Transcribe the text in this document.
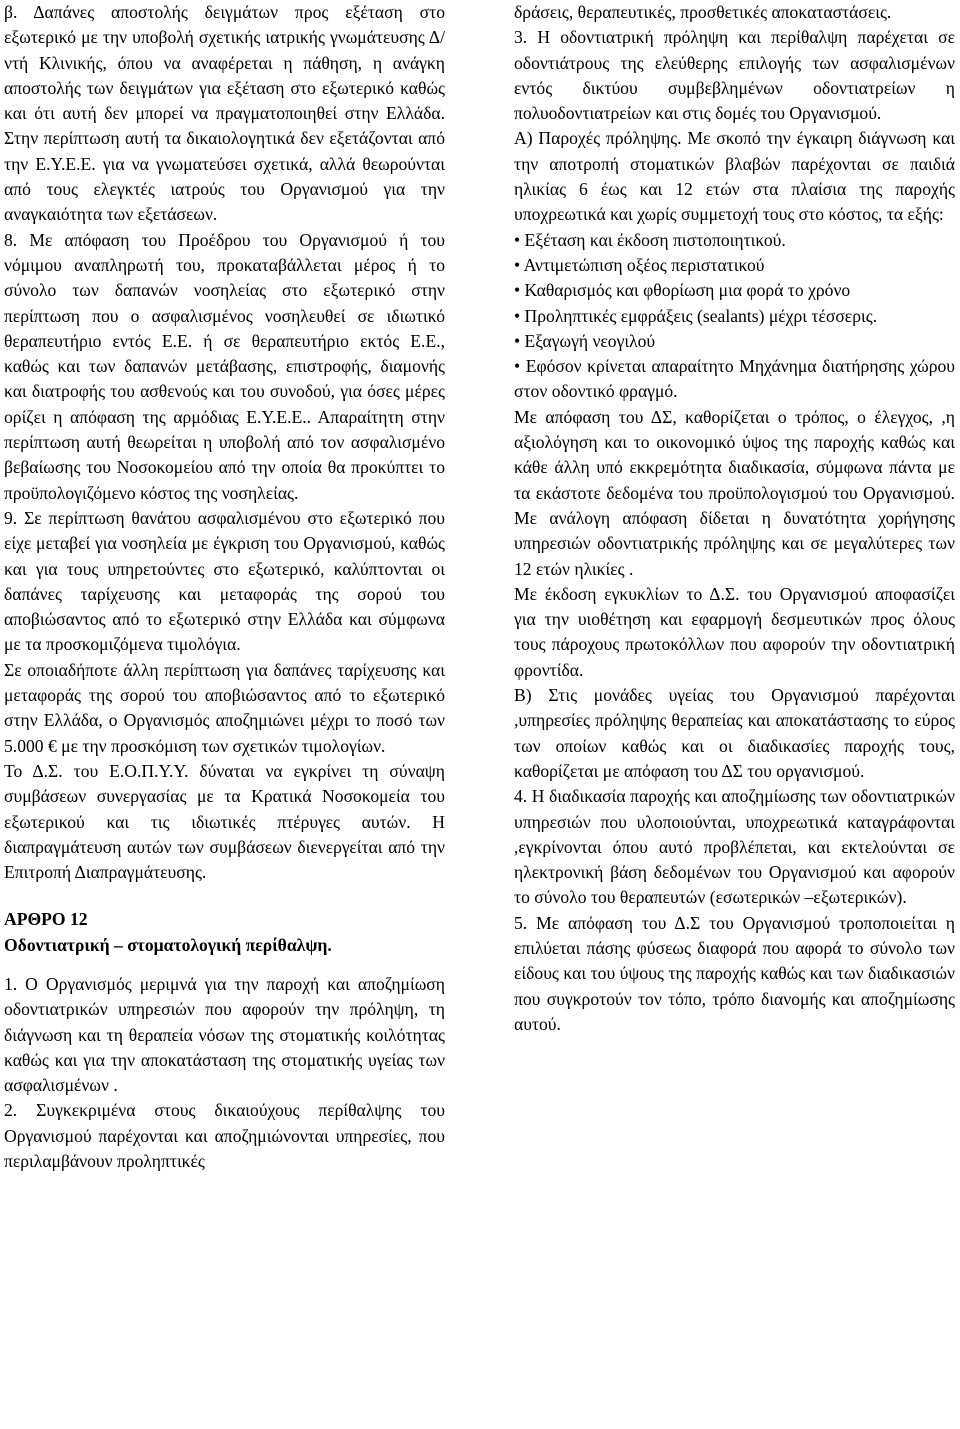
β. Δαπάνες αποστολής δειγμάτων προς εξέταση στο εξωτερικό με την υποβολή σχετικής ιατρικής γνωμάτευσης Δ/ντή Κλινικής, όπου να αναφέρεται η πάθηση, η ανάγκη αποστολής των δειγμάτων για εξέταση στο εξωτερικό καθώς και ότι αυτή δεν μπορεί να πραγματοποιηθεί στην Ελλάδα. Στην περίπτωση αυτή τα δικαιολογητικά δεν εξετάζονται από την Ε.Υ.Ε.Ε. για να γνωματεύσει σχετικά, αλλά θεωρούνται από τους ελεγκτές ιατρούς του Οργανισμού για την αναγκαιότητα των εξετάσεων.

8. Με απόφαση του Προέδρου του Οργανισμού ή του νόμιμου αναπληρωτή του, προκαταβάλλεται μέρος ή το σύνολο των δαπανών νοσηλείας στο εξωτερικό στην περίπτωση που ο ασφαλισμένος νοσηλευθεί σε ιδιωτικό θεραπευτήριο εντός Ε.Ε. ή σε θεραπευτήριο εκτός Ε.Ε., καθώς και των δαπανών μετάβασης, επιστροφής, διαμονής και διατροφής του ασθενούς και του συνοδού, για όσες μέρες ορίζει η απόφαση της αρμόδιας Ε.Υ.Ε.Ε.. Απαραίτητη στην περίπτωση αυτή θεωρείται η υποβολή από τον ασφαλισμένο βεβαίωσης του Νοσοκομείου από την οποία θα προκύπτει το προϋπολογιζόμενο κόστος της νοσηλείας.

9. Σε περίπτωση θανάτου ασφαλισμένου στο εξωτερικό που είχε μεταβεί για νοσηλεία με έγκριση του Οργανισμού, καθώς και για τους υπηρετούντες στο εξωτερικό, καλύπτονται οι δαπάνες ταρίχευσης και μεταφοράς της σορού του αποβιώσαντος από το εξωτερικό στην Ελλάδα και σύμφωνα με τα προσκομιζόμενα τιμολόγια.

Σε οποιαδήποτε άλλη περίπτωση για δαπάνες ταρίχευσης και μεταφοράς της σορού του αποβιώσαντος από το εξωτερικό στην Ελλάδα, ο Οργανισμός αποζημιώνει μέχρι το ποσό των 5.000 € με την προσκόμιση των σχετικών τιμολογίων.

Το Δ.Σ. του Ε.Ο.Π.Υ.Υ. δύναται να εγκρίνει τη σύναψη συμβάσεων συνεργασίας με τα Κρατικά Νοσοκομεία του εξωτερικού και τις ιδιωτικές πτέρυγες αυτών. Η διαπραγμάτευση αυτών των συμβάσεων διενεργείται από την Επιτροπή Διαπραγμάτευσης.

ΑΡΘΡΟ 12

Οδοντιατρική – στοματολογική περίθαλψη.

1. Ο Οργανισμός μεριμνά για την παροχή και αποζημίωση οδοντιατρικών υπηρεσιών που αφορούν την πρόληψη, τη διάγνωση και τη θεραπεία νόσων της στοματικής κοιλότητας καθώς και για την αποκατάσταση της στοματικής υγείας των ασφαλισμένων .

2. Συγκεκριμένα στους δικαιούχους περίθαλψης του Οργανισμού παρέχονται και αποζημιώνονται υπηρεσίες, που περιλαμβάνουν προληπτικές

δράσεις, θεραπευτικές, προσθετικές αποκαταστάσεις.

3. Η οδοντιατρική πρόληψη και περίθαλψη παρέχεται σε οδοντιάτρους της ελεύθερης επιλογής των ασφαλισμένων εντός δικτύου συμβεβλημένων οδοντιατρείων η πολυοδοντιατρείων και στις δομές του Οργανισμού.

Α) Παροχές πρόληψης. Με σκοπό την έγκαιρη διάγνωση και την αποτροπή στοματικών βλαβών παρέχονται σε παιδιά ηλικίας 6 έως και 12 ετών στα πλαίσια της παροχής υποχρεωτικά και χωρίς συμμετοχή τους στο κόστος, τα εξής:

• Εξέταση και έκδοση πιστοποιητικού.

• Αντιμετώπιση οξέος περιστατικού

• Καθαρισμός και φθορίωση μια φορά το χρόνο

• Προληπτικές εμφράξεις (sealants) μέχρι τέσσερις.

• Εξαγωγή νεογιλού

• Εφόσον κρίνεται απαραίτητο Μηχάνημα διατήρησης χώρου στον οδοντικό φραγμό.

Με απόφαση του ΔΣ, καθορίζεται ο τρόπος, ο έλεγχος, ,η αξιολόγηση και το οικονομικό ύψος της παροχής καθώς και κάθε άλλη υπό εκκρεμότητα διαδικασία, σύμφωνα πάντα με τα εκάστοτε δεδομένα του προϋπολογισμού του Οργανισμού. Με ανάλογη απόφαση δίδεται η δυνατότητα χορήγησης υπηρεσιών οδοντιατρικής πρόληψης και σε μεγαλύτερες των 12 ετών ηλικίες .

Με έκδοση εγκυκλίων το Δ.Σ. του Οργανισμού αποφασίζει για την υιοθέτηση και εφαρμογή δεσμευτικών προς όλους τους πάροχους πρωτοκόλλων που αφορούν την οδοντιατρική φροντίδα.

Β) Στις μονάδες υγείας του Οργανισμού παρέχονται ,υπηρεσίες πρόληψης θεραπείας και αποκατάστασης το εύρος των οποίων καθώς και οι διαδικασίες παροχής τους, καθορίζεται με απόφαση του ΔΣ του οργανισμού.

4. Η διαδικασία παροχής και αποζημίωσης των οδοντιατρικών υπηρεσιών που υλοποιούνται, υποχρεωτικά καταγράφονται ,εγκρίνονται όπου αυτό προβλέπεται, και εκτελούνται σε ηλεκτρονική βάση δεδομένων του Οργανισμού και αφορούν το σύνολο του θεραπευτών (εσωτερικών –εξωτερικών).

5. Με απόφαση του Δ.Σ του Οργανισμού τροποποιείται η επιλύεται πάσης φύσεως διαφορά που αφορά το σύνολο των είδους και του ύψους της παροχής καθώς και των διαδικασιών που συγκροτούν τον τόπο, τρόπο διανομής και αποζημίωσης αυτού.
